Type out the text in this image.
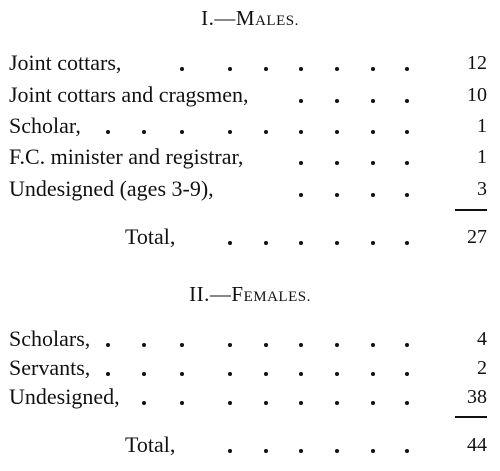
I.—MALES.
Joint cottars,	12
Joint cottars and cragsmen,	10
Scholar,	1
F.C. minister and registrar,	1
Undesigned (ages 3-9),	3
Total,	27
II.—FEMALES.
Scholars,	4
Servants,	2
Undesigned,	38
Total,	44
